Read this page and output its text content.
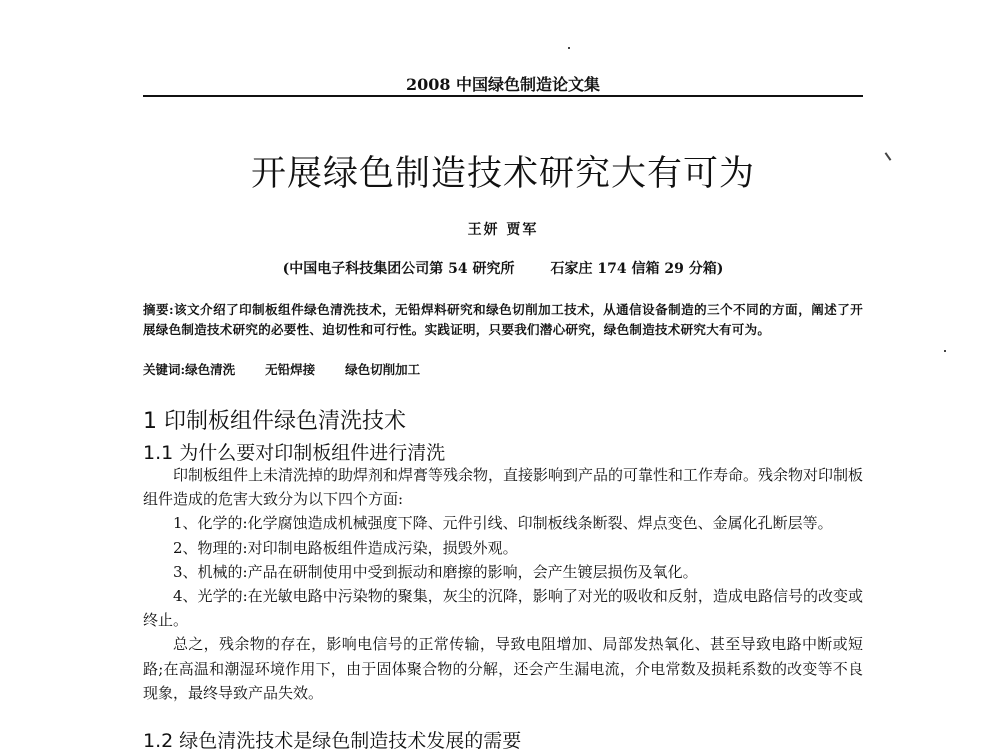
2008 中国绿色制造论文集
开展绿色制造技术研究大有可为
王妍 贾军
(中国电子科技集团公司第 54 研究所	石家庄 174 信箱 29 分箱)
摘要:该文介绍了印制板组件绿色清洗技术，无铅焊料研究和绿色切削加工技术，从通信设备制造的三个不同的方面，阐述了开展绿色制造技术研究的必要性、迫切性和可行性。实践证明，只要我们潜心研究，绿色制造技术研究大有可为。
关键词:绿色清洗 无铅焊接 绿色切削加工
1 印制板组件绿色清洗技术
1.1 为什么要对印制板组件进行清洗

印制板组件上未清洗掉的助焊剂和焊膏等残余物，直接影响到产品的可靠性和工作寿命。残余物对印制板组件造成的危害大致分为以下四个方面:

1、化学的:化学腐蚀造成机械强度下降、元件引线、印制板线条断裂、焊点变色、金属化孔断层等。

2、物理的:对印制电路板组件造成污染，损毁外观。

3、机械的:产品在研制使用中受到振动和磨擦的影响，会产生镀层损伤及氧化。

4、光学的:在光敏电路中污染物的聚集，灰尘的沉降，影响了对光的吸收和反射，造成电路信号的改变或终止。

总之，残余物的存在，影响电信号的正常传输，导致电阻增加、局部发热氧化、甚至导致电路中断或短路;在高温和潮湿环境作用下，由于固体聚合物的分解，还会产生漏电流，介电常数及损耗系数的改变等不良现象，最终导致产品失效。

1.2 绿色清洗技术是绿色制造技术发展的需要
